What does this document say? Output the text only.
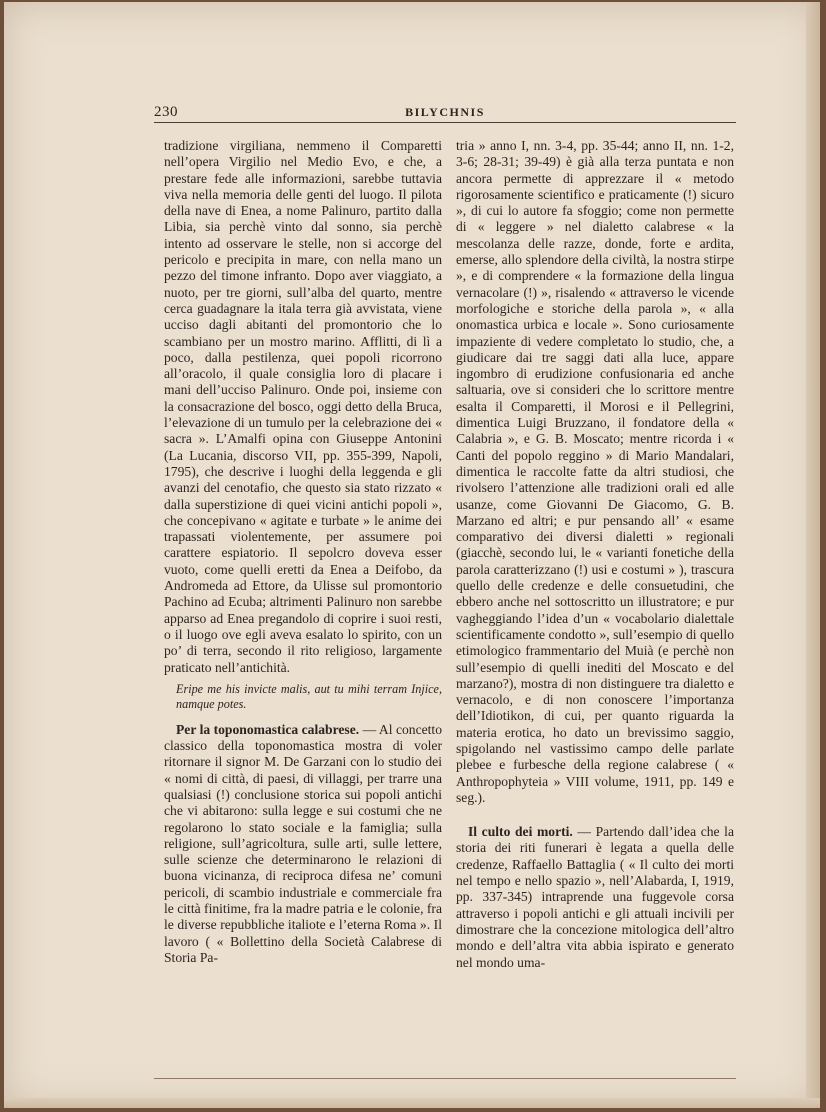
230	BILYCHNIS

tradizione virgiliana, nemmeno il Comparetti nell’opera Virgilio nel Medio Evo, e che, a prestare fede alle informazioni, sarebbe tuttavia viva nella memoria delle genti del luogo. Il pilota della nave di Enea, a nome Palinuro, partito dalla Libia, sia perchè vinto dal sonno, sia perchè intento ad osservare le stelle, non si accorge del pericolo e precipita in mare, con nella mano un pezzo del timone infranto. Dopo aver viaggiato, a nuoto, per tre giorni, sull’alba del quarto, mentre cerca guadagnare la itala terra già avvistata, viene ucciso dagli abitanti del promontorio che lo scambiano per un mostro marino. Afflitti, di lì a poco, dalla pestilenza, quei popoli ricorrono all’oracolo, il quale consiglia loro di placare i mani dell’ucciso Palinuro. Onde poi, insieme con la consacrazione del bosco, oggi detto della Bruca, l’elevazione di un tumulo per la celebrazione dei « sacra ». L’Amalfi opina con Giuseppe Antonini (La Lucania, discorso VII, pp. 355-399, Napoli, 1795), che descrive i luoghi della leggenda e gli avanzi del cenotafio, che questo sia stato rizzato « dalla superstizione di quei vicini antichi popoli », che concepivano « agitate e turbate » le anime dei trapassati violentemente, per assumere poi carattere espiatorio. Il sepolcro doveva esser vuoto, come quelli eretti da Enea a Deifobo, da Andromeda ad Ettore, da Ulisse sul promontorio Pachino ad Ecuba; altrimenti Palinuro non sarebbe apparso ad Enea pregandolo di coprire i suoi resti, o il luogo ove egli aveva esalato lo spirito, con un po’ di terra, secondo il rito religioso, largamente praticato nell’antichità.

Eripe me his invicte malis, aut tu mihi terram Injice, namque potes.

Per la toponomastica calabrese. — Al concetto classico della toponomastica mostra di voler ritornare il signor M. De Garzani con lo studio dei « nomi di città, di paesi, di villaggi, per trarre una qualsiasi (!) conclusione storica sui popoli antichi che vi abitarono: sulla legge e sui costumi che ne regolarono lo stato sociale e la famiglia; sulla religione, sull’agricoltura, sulle arti, sulle lettere, sulle scienze che determinarono le relazioni di buona vicinanza, di reciproca difesa ne’ comuni pericoli, di scambio industriale e commerciale fra le città finitime, fra la madre patria e le colonie, fra le diverse repubbliche italiote e l’eterna Roma ». Il lavoro ( « Bollettino della Società Calabrese di Storia Pa-

tria » anno I, nn. 3-4, pp. 35-44; anno II, nn. 1-2, 3-6; 28-31; 39-49) è già alla terza puntata e non ancora permette di apprezzare il « metodo rigorosamente scientifico e praticamente (!) sicuro », di cui lo autore fa sfoggio; come non permette di « leggere » nel dialetto calabrese « la mescolanza delle razze, donde, forte e ardita, emerse, allo splendore della civiltà, la nostra stirpe », e di comprendere « la formazione della lingua vernacolare (!) », risalendo « attraverso le vicende morfologiche e storiche della parola », « alla onomastica urbica e locale ». Sono curiosamente impaziente di vedere completato lo studio, che, a giudicare dai tre saggi dati alla luce, appare ingombro di erudizione confusionaria ed anche saltuaria, ove si consideri che lo scrittore mentre esalta il Comparetti, il Morosi e il Pellegrini, dimentica Luigi Bruzzano, il fondatore della « Calabria », e G. B. Moscato; mentre ricorda i « Canti del popolo reggino » di Mario Mandalari, dimentica le raccolte fatte da altri studiosi, che rivolsero l’attenzione alle tradizioni orali ed alle usanze, come Giovanni De Giacomo, G. B. Marzano ed altri; e pur pensando all’ « esame comparativo dei diversi dialetti » regionali (giacchè, secondo lui, le « varianti fonetiche della parola caratterizzano (!) usi e costumi » ), trascura quello delle credenze e delle consuetudini, che ebbero anche nel sottoscritto un illustratore; e pur vagheggiando l’idea d’un « vocabolario dialettale scientificamente condotto », sull’esempio di quello etimologico frammentario del Muià (e perchè non sull’esempio di quelli inediti del Moscato e del marzano?), mostra di non distinguere tra dialetto e vernacolo, e di non conoscere l’importanza dell’Idiotikon, di cui, per quanto riguarda la materia erotica, ho dato un brevissimo saggio, spigolando nel vastissimo campo delle parlate plebee e furbesche della regione calabrese ( « Anthropophyteia » VIII volume, 1911, pp. 149 e seg.).

Il culto dei morti. — Partendo dall’idea che la storia dei riti funerari è legata a quella delle credenze, Raffaello Battaglia ( « Il culto dei morti nel tempo e nello spazio », nell’Alabarda, I, 1919, pp. 337-345) intraprende una fuggevole corsa attraverso i popoli antichi e gli attuali incivili per dimostrare che la concezione mitologica dell’altro mondo e dell’altra vita abbia ispirato e generato nel mondo uma-
